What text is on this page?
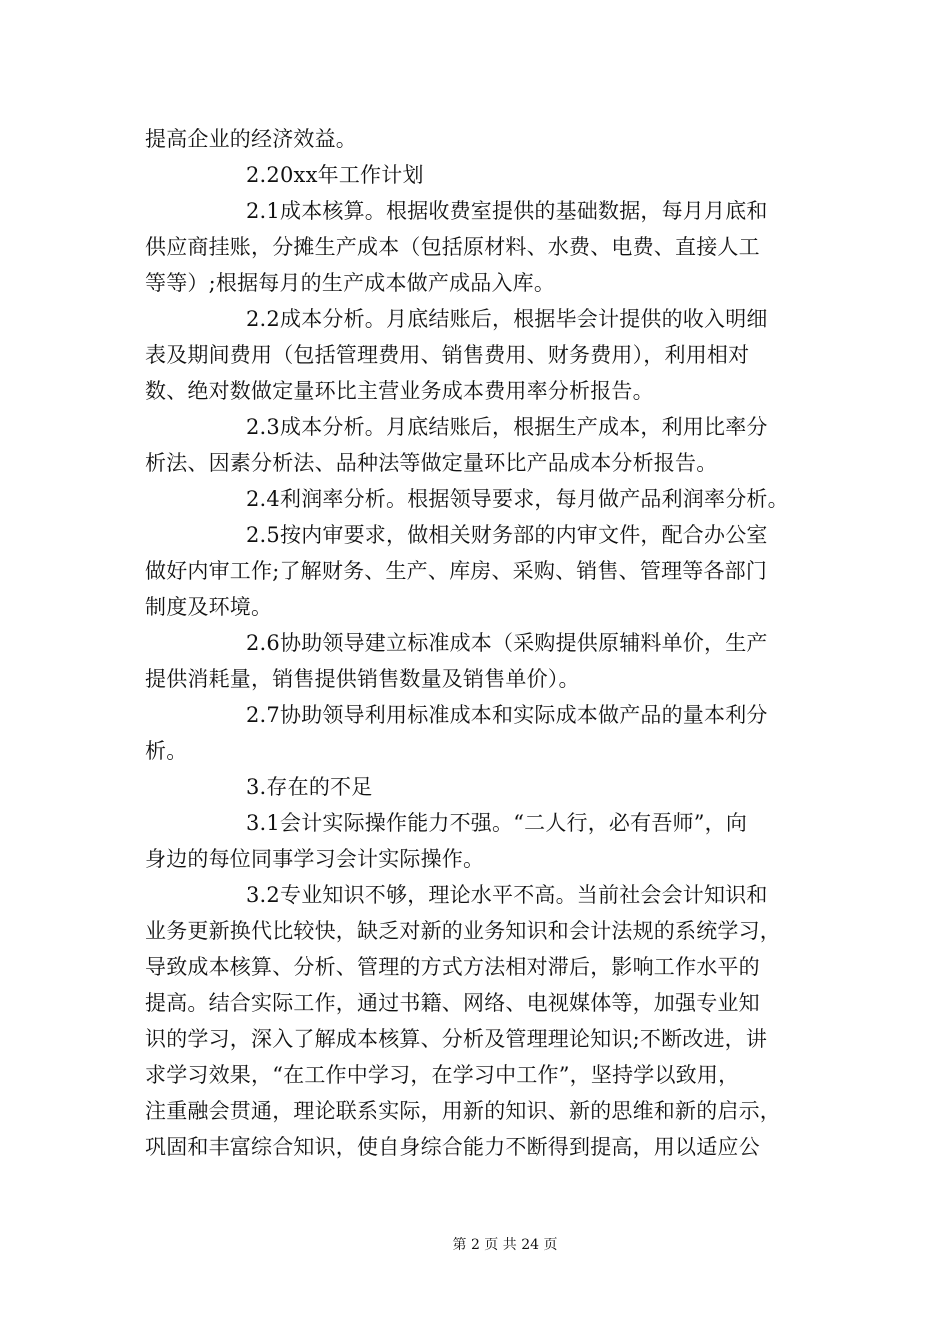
提高企业的经济效益。
2.20xx年工作计划
2.1成本核算。根据收费室提供的基础数据，每月月底和
供应商挂账，分摊生产成本（包括原材料、水费、电费、直接人工
等等）;根据每月的生产成本做产成品入库。
2.2成本分析。月底结账后，根据毕会计提供的收入明细
表及期间费用（包括管理费用、销售费用、财务费用），利用相对
数、绝对数做定量环比主营业务成本费用率分析报告。
2.3成本分析。月底结账后，根据生产成本，利用比率分
析法、因素分析法、品种法等做定量环比产品成本分析报告。
2.4利润率分析。根据领导要求，每月做产品利润率分析。
2.5按内审要求，做相关财务部的内审文件，配合办公室
做好内审工作;了解财务、生产、库房、采购、销售、管理等各部门
制度及环境。
2.6协助领导建立标准成本（采购提供原辅料单价，生产
提供消耗量，销售提供销售数量及销售单价）。
2.7协助领导利用标准成本和实际成本做产品的量本利分
析。
3.存在的不足
3.1会计实际操作能力不强。“二人行，必有吾师”，向
身边的每位同事学习会计实际操作。
3.2专业知识不够，理论水平不高。当前社会会计知识和
业务更新换代比较快，缺乏对新的业务知识和会计法规的系统学习，
导致成本核算、分析、管理的方式方法相对滞后，影响工作水平的
提高。结合实际工作，通过书籍、网络、电视媒体等，加强专业知
识的学习，深入了解成本核算、分析及管理理论知识;不断改进，讲
求学习效果，“在工作中学习，在学习中工作”，坚持学以致用，
注重融会贯通，理论联系实际，用新的知识、新的思维和新的启示，
巩固和丰富综合知识，使自身综合能力不断得到提高，用以适应公
第 2 页 共 24 页
